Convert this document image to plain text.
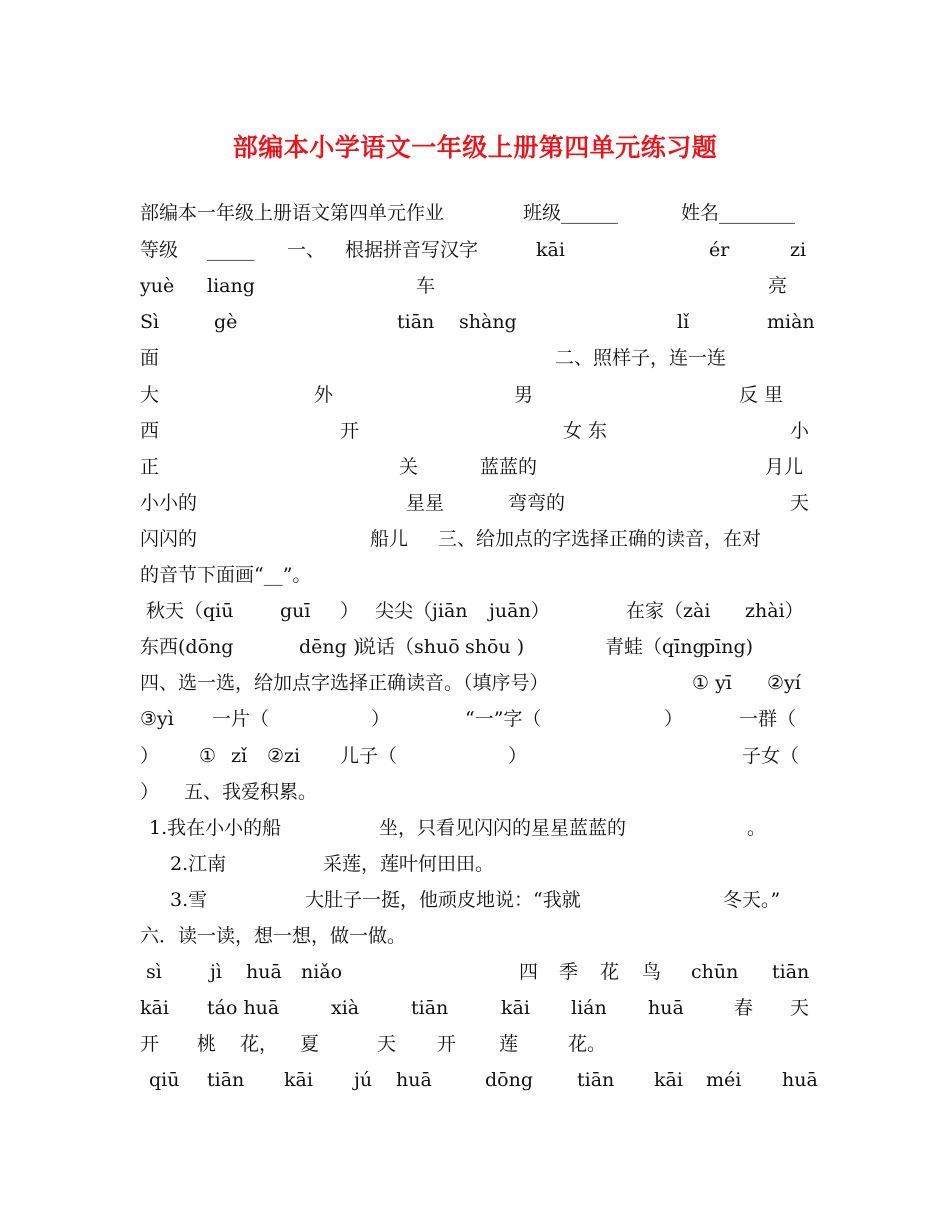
部编本小学语文一年级上册第四单元练习题
部编本一年级上册语文第四单元作业	班级______	姓名________
等级 _____ 一、 根据拼音写汉字	kāi	ér	zi
yuè liang	车	亮
Sì	gè	tiān shàng	lǐ	miàn
面	二、照样子，连一连
大	外	男	反 里
西	开	女 东	小
正	关	蓝蓝的	月儿
小小的	星星	弯弯的	天
闪闪的	船儿 三、给加点的字选择正确的读音，在对
的音节下面画“__”。
秋天（qiū guī ） 尖尖（jiān juān）	在家（zài zhài）
东西(dōng	dēng )
说话（shuō shōu )	青蛙（qīng
pīng)
四、选一选，给加点字选择正确读音。（填序号）	① yī ②yí
③yì 一片（	）	“一”字（	）	一群（
） ① zǐ ②zi 儿子（	）	子女（
） 五、我爱积累。
1.我在小小的船	坐，只看见闪闪的星星蓝蓝的	。
2.江南	采莲，莲叶何田田。
3.雪	大肚子一挺，他顽皮地说：“我就	冬天。”
六．读一读，想一想，做一做。
sì	jì huā niǎo	四 季 花 鸟 chūn tiān
kāi táo huā	xià	tiān	kāi lián huā	春 天
开 桃 花， 夏	天 开 莲	花。
qiū tiān kāi jú huā	dōng tiān kāi méi huā
